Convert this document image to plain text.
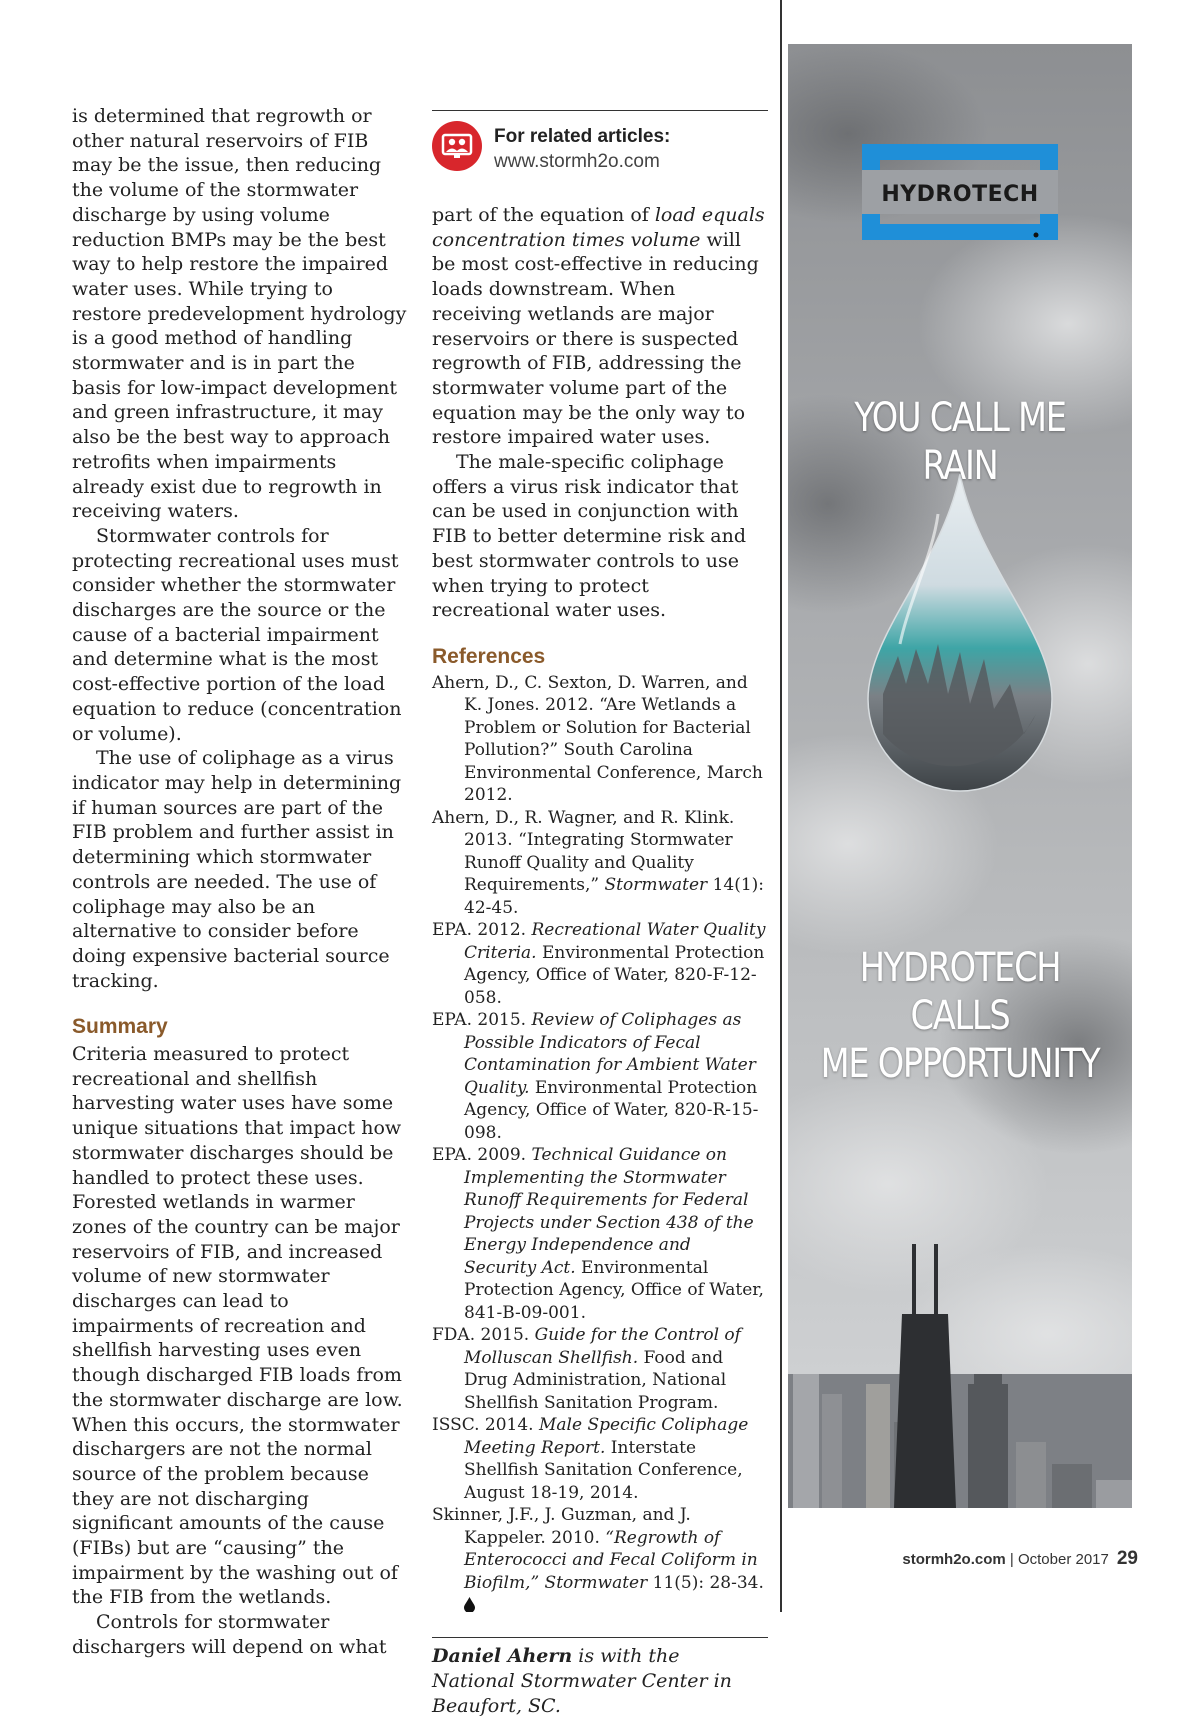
is determined that regrowth or other natural reservoirs of FIB may be the issue, then reducing the volume of the stormwater discharge by using volume reduction BMPs may be the best way to help restore the impaired water uses. While trying to restore predevelopment hydrology is a good method of handling stormwater and is in part the basis for low-impact development and green infrastructure, it may also be the best way to approach retrofits when impairments already exist due to regrowth in receiving waters.

Stormwater controls for protecting recreational uses must consider whether the stormwater discharges are the source or the cause of a bacterial impairment and determine what is the most cost-effective portion of the load equation to reduce (concentration or volume).

The use of coliphage as a virus indicator may help in determining if human sources are part of the FIB problem and further assist in determining which stormwater controls are needed. The use of coliphage may also be an alternative to consider before doing expensive bacterial source tracking.

Summary

Criteria measured to protect recreational and shellfish harvesting water uses have some unique situations that impact how stormwater discharges should be handled to protect these uses. Forested wetlands in warmer zones of the country can be major reservoirs of FIB, and increased volume of new stormwater discharges can lead to impairments of recreation and shellfish harvesting uses even though discharged FIB loads from the stormwater discharge are low. When this occurs, the stormwater dischargers are not the normal source of the problem because they are not discharging significant amounts of the cause (FIBs) but are “causing” the impairment by the washing out of the FIB from the wetlands.

Controls for stormwater dischargers will depend on what

For related articles:
www.stormh2o.com

part of the equation of load equals concentration times volume will be most cost-effective in reducing loads downstream. When receiving wetlands are major reservoirs or there is suspected regrowth of FIB, addressing the stormwater volume part of the equation may be the only way to restore impaired water uses.

The male-specific coliphage offers a virus risk indicator that can be used in conjunction with FIB to better determine risk and best stormwater controls to use when trying to protect recreational water uses.

References

Ahern, D., C. Sexton, D. Warren, and K. Jones. 2012. “Are Wetlands a Problem or Solution for Bacterial Pollution?” South Carolina Environmental Conference, March 2012.

Ahern, D., R. Wagner, and R. Klink. 2013. “Integrating Stormwater Runoff Quality and Quality Requirements,” Stormwater 14(1): 42-45.

EPA. 2012. Recreational Water Quality Criteria. Environmental Protection Agency, Office of Water, 820-F-12-058.

EPA. 2015. Review of Coliphages as Possible Indicators of Fecal Contamination for Ambient Water Quality. Environmental Protection Agency, Office of Water, 820-R-15-098.

EPA. 2009. Technical Guidance on Implementing the Stormwater Runoff Requirements for Federal Projects under Section 438 of the Energy Independence and Security Act. Environmental Protection Agency, Office of Water, 841-B-09-001.

FDA. 2015. Guide for the Control of Molluscan Shellfish. Food and Drug Administration, National Shellfish Sanitation Program.

ISSC. 2014. Male Specific Coliphage Meeting Report. Interstate Shellfish Sanitation Conference, August 18-19, 2014.

Skinner, J.F., J. Guzman, and J. Kappeler. 2010. “Regrowth of Enterococci and Fecal Coliform in Biofilm,” Stormwater 11(5): 28-34.

Daniel Ahern is with the National Stormwater Center in Beaufort, SC.
HYDROTECH
YOU CALL ME RAIN
HYDROTECH CALLS
ME OPPORTUNITY
stormh2o.com | October 2017 29
